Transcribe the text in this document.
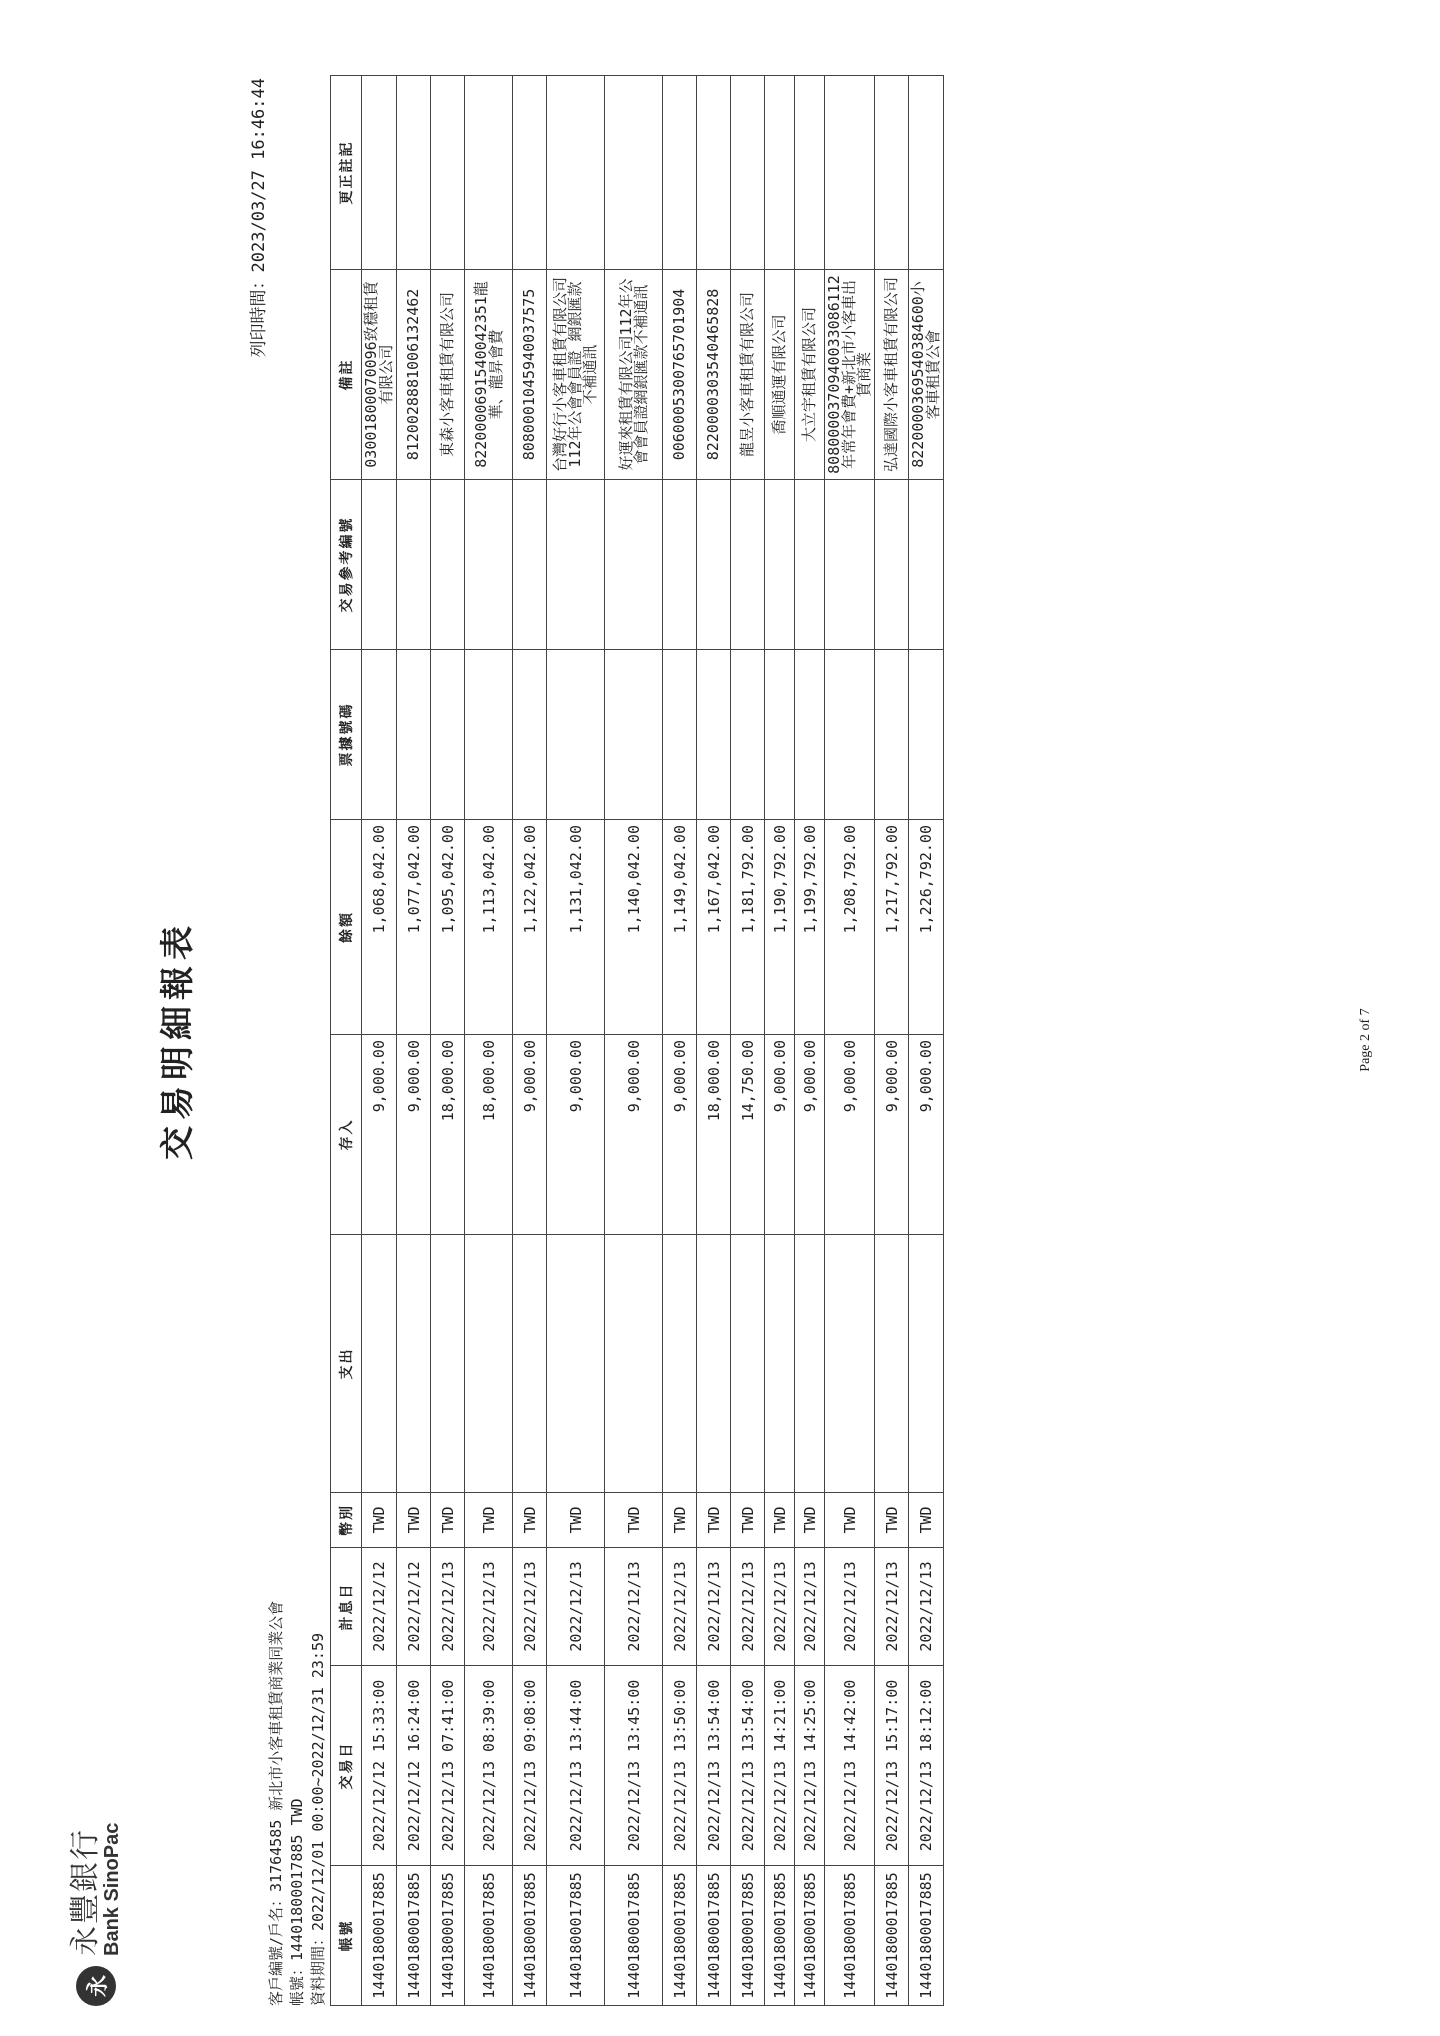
永
永豐銀行
Bank SinoPac
交易明細報表
列印時間：2023/03/27 16:46:44
客戶編號/戶名：31764585 新北市小客車租賃商業同業公會 帳號：14401800017885 TWD 資料期間：2022/12/01 00:00~2022/12/31 23:59 帳號	交易日	計息日	幣別	支出	存入	餘額	票據號碼	交易參考編號	備註	更正註記
14401800017885	2022/12/12 15:33:00	2022/12/12	TWD		9,000.00	1,068,042.00			0300180007009​6致穩租賃有限公司	
14401800017885	2022/12/12 16:24:00	2022/12/12	TWD		9,000.00	1,077,042.00			81200288810061324​62	
14401800017885	2022/12/13 07:41:00	2022/12/13	TWD		18,000.00	1,095,042.00			東森小客車租賃有限公司	
14401800017885	2022/12/13 08:39:00	2022/12/13	TWD		18,000.00	1,113,042.00			82200006915400423​51龍華、龍昇會費	
14401800017885	2022/12/13 09:08:00	2022/12/13	TWD		9,000.00	1,122,042.00			80800010459400375​75	
14401800017885	2022/12/13 13:44:00	2022/12/13	TWD		9,000.00	1,131,042.00			台灣好行小客車租賃有限公司112年公會會員證 網銀匯款不補通訊	
14401800017885	2022/12/13 13:45:00	2022/12/13	TWD		9,000.00	1,140,042.00			好運來租賃有限公司112年公會會員證網銀匯款不補通訊	
14401800017885	2022/12/13 13:50:00	2022/12/13	TWD		9,000.00	1,149,042.00			00600053007657019​04	
14401800017885	2022/12/13 13:54:00	2022/12/13	TWD		18,000.00	1,167,042.00			82200003035404658​28	
14401800017885	2022/12/13 13:54:00	2022/12/13	TWD		14,750.00	1,181,792.00			龍昱小客車租賃有限公司	
14401800017885	2022/12/13 14:21:00	2022/12/13	TWD		9,000.00	1,190,792.00			喬順通運有限公司	
14401800017885	2022/12/13 14:25:00	2022/12/13	TWD		9,000.00	1,199,792.00			大立宇租賃有限公司	
14401800017885	2022/12/13 14:42:00	2022/12/13	TWD		9,000.00	1,208,792.00			8080000370940033086112年常年會費+新北市小客車出賃商業	
14401800017885	2022/12/13 15:17:00	2022/12/13	TWD		9,000.00	1,217,792.00			弘達國際小客車租賃有限公司	
14401800017885	2022/12/13 18:12:00	2022/12/13	TWD		9,000.00	1,226,792.00			82200003695403846​00小客車租賃公會	
Page 2 of 7
